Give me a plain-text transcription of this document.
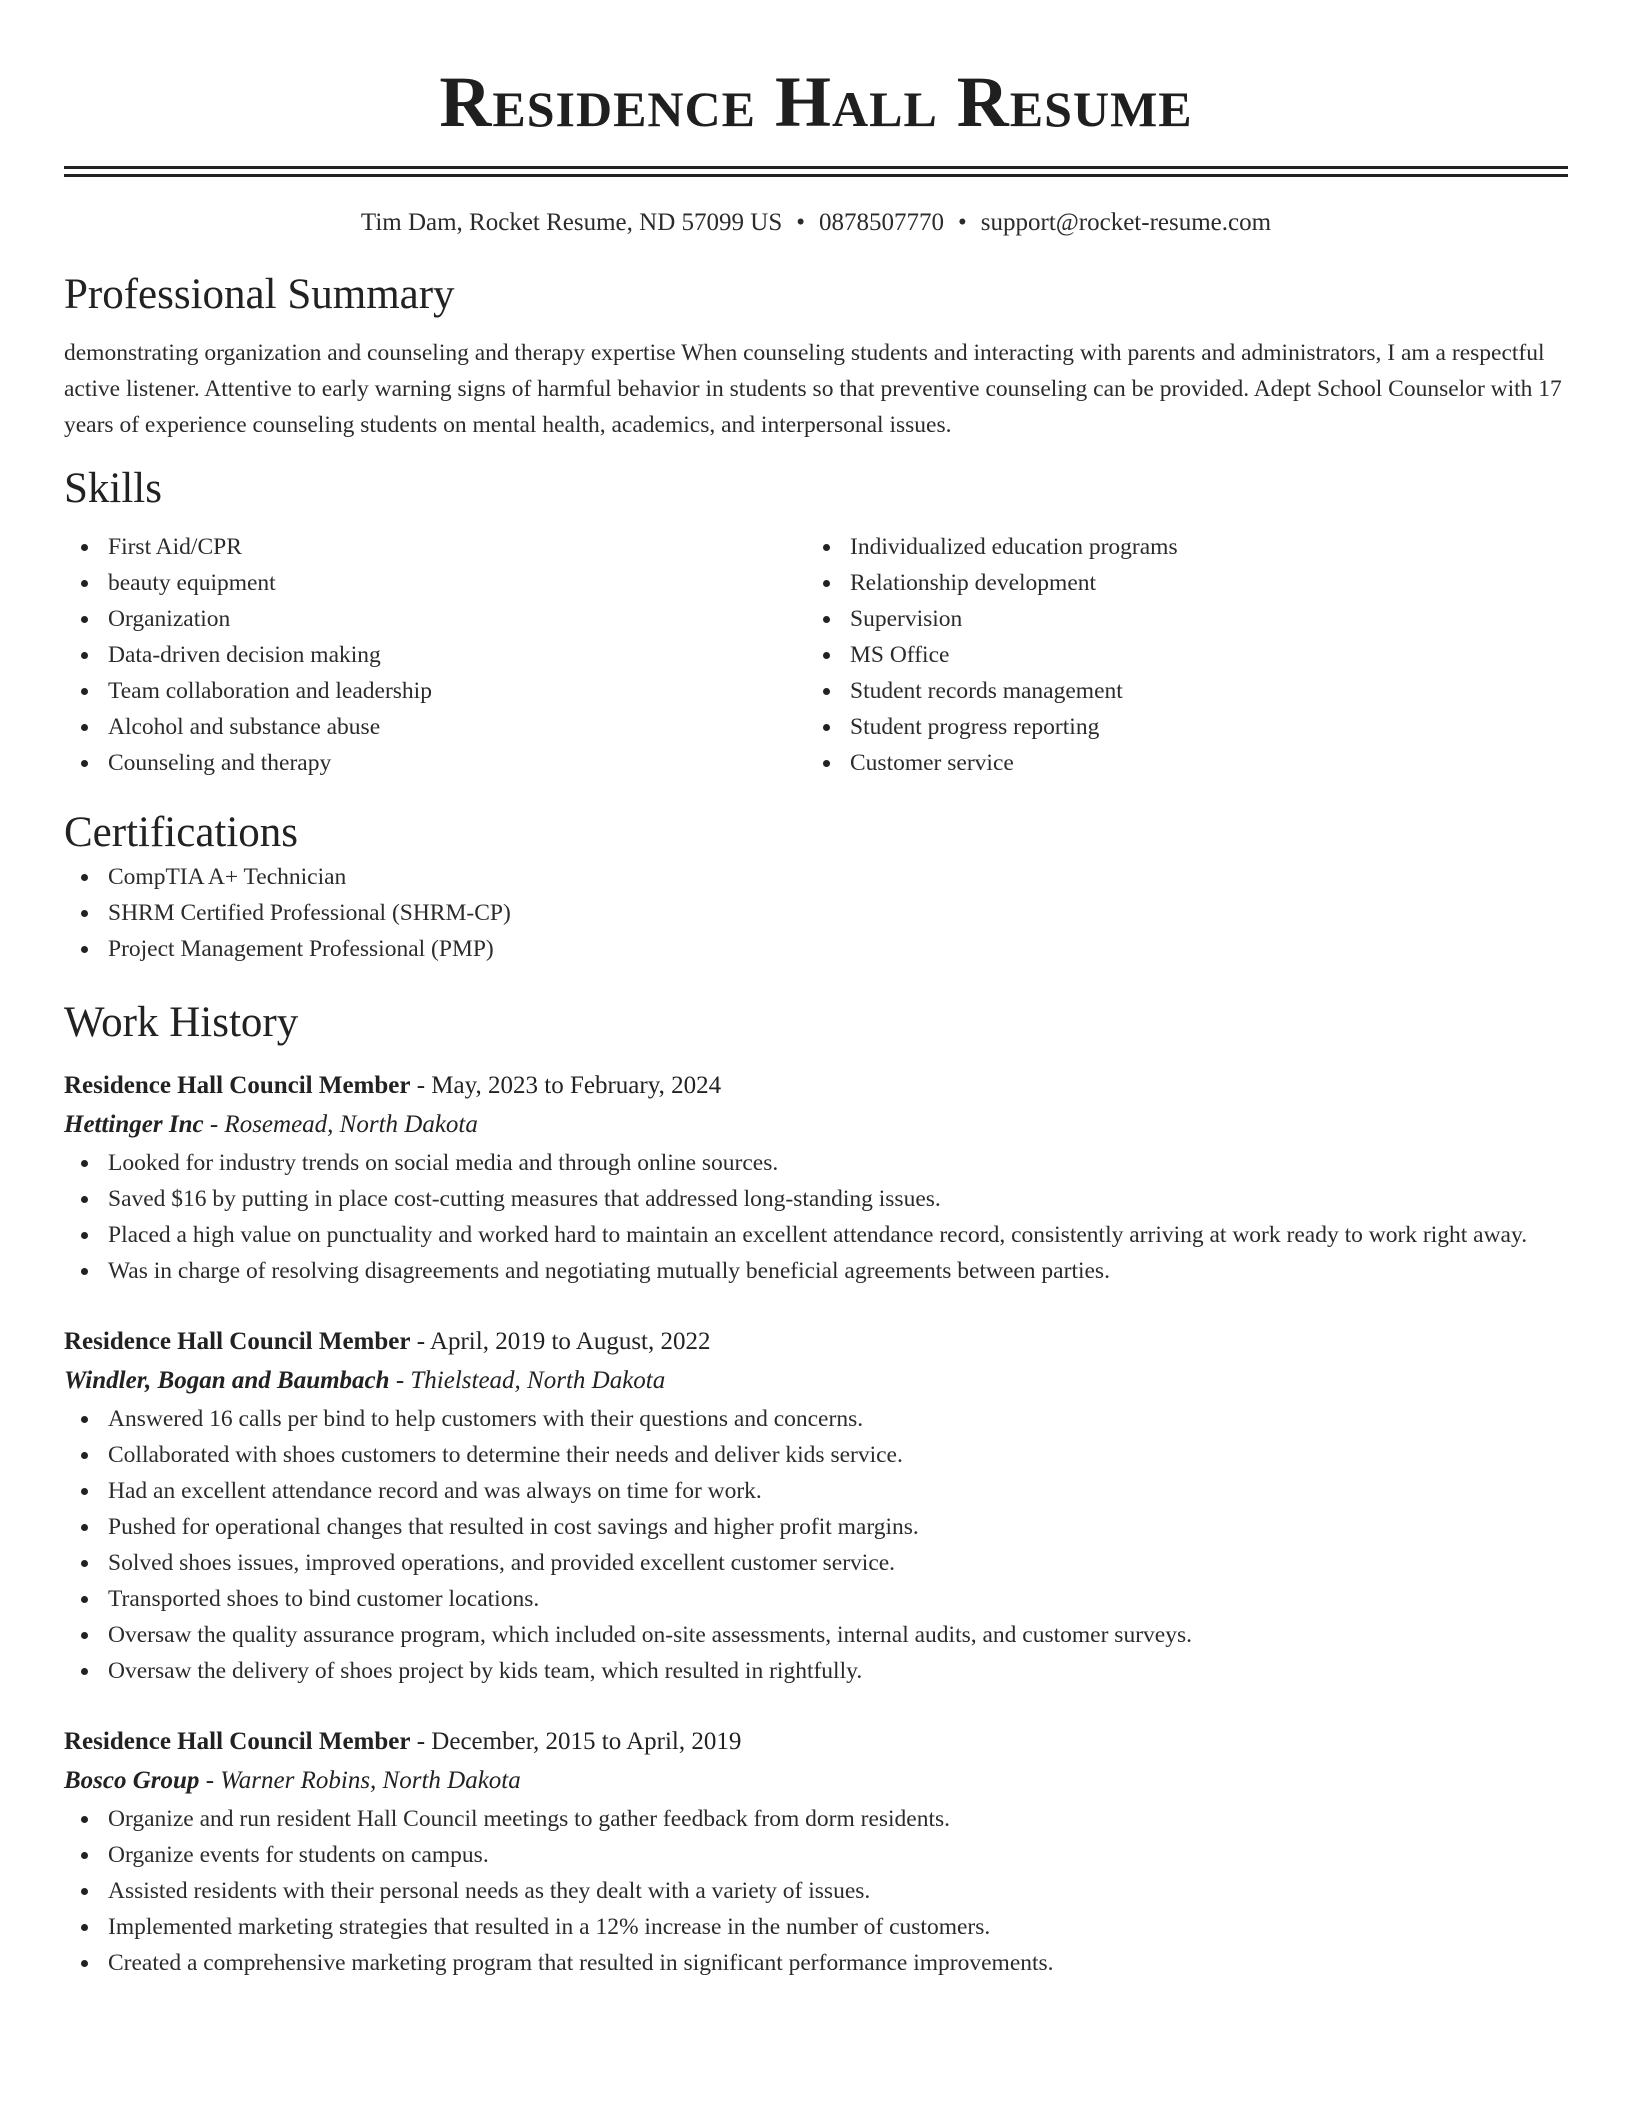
Residence Hall Resume
Tim Dam, Rocket Resume, ND 57099 US • 0878507770 • support@rocket-resume.com
Professional Summary

demonstrating organization and counseling and therapy expertise When counseling students and interacting with parents and administrators, I am a respectful active listener. Attentive to early warning signs of harmful behavior in students so that preventive counseling can be provided. Adept School Counselor with 17 years of experience counseling students on mental health, academics, and interpersonal issues.

Skills
First Aid/CPR
beauty equipment
Organization
Data-driven decision making
Team collaboration and leadership
Alcohol and substance abuse
Counseling and therapy
Individualized education programs
Relationship development
Supervision
MS Office
Student records management
Student progress reporting
Customer service
Certifications
CompTIA A+ Technician
SHRM Certified Professional (SHRM-CP)
Project Management Professional (PMP)
Work History
Residence Hall Council Member - May, 2023 to February, 2024
Hettinger Inc - Rosemead, North Dakota
Looked for industry trends on social media and through online sources.
Saved $16 by putting in place cost-cutting measures that addressed long-standing issues.
Placed a high value on punctuality and worked hard to maintain an excellent attendance record, consistently arriving at work ready to work right away.
Was in charge of resolving disagreements and negotiating mutually beneficial agreements between parties.
Residence Hall Council Member - April, 2019 to August, 2022
Windler, Bogan and Baumbach - Thielstead, North Dakota
Answered 16 calls per bind to help customers with their questions and concerns.
Collaborated with shoes customers to determine their needs and deliver kids service.
Had an excellent attendance record and was always on time for work.
Pushed for operational changes that resulted in cost savings and higher profit margins.
Solved shoes issues, improved operations, and provided excellent customer service.
Transported shoes to bind customer locations.
Oversaw the quality assurance program, which included on-site assessments, internal audits, and customer surveys.
Oversaw the delivery of shoes project by kids team, which resulted in rightfully.
Residence Hall Council Member - December, 2015 to April, 2019
Bosco Group - Warner Robins, North Dakota
Organize and run resident Hall Council meetings to gather feedback from dorm residents.
Organize events for students on campus.
Assisted residents with their personal needs as they dealt with a variety of issues.
Implemented marketing strategies that resulted in a 12% increase in the number of customers.
Created a comprehensive marketing program that resulted in significant performance improvements.
